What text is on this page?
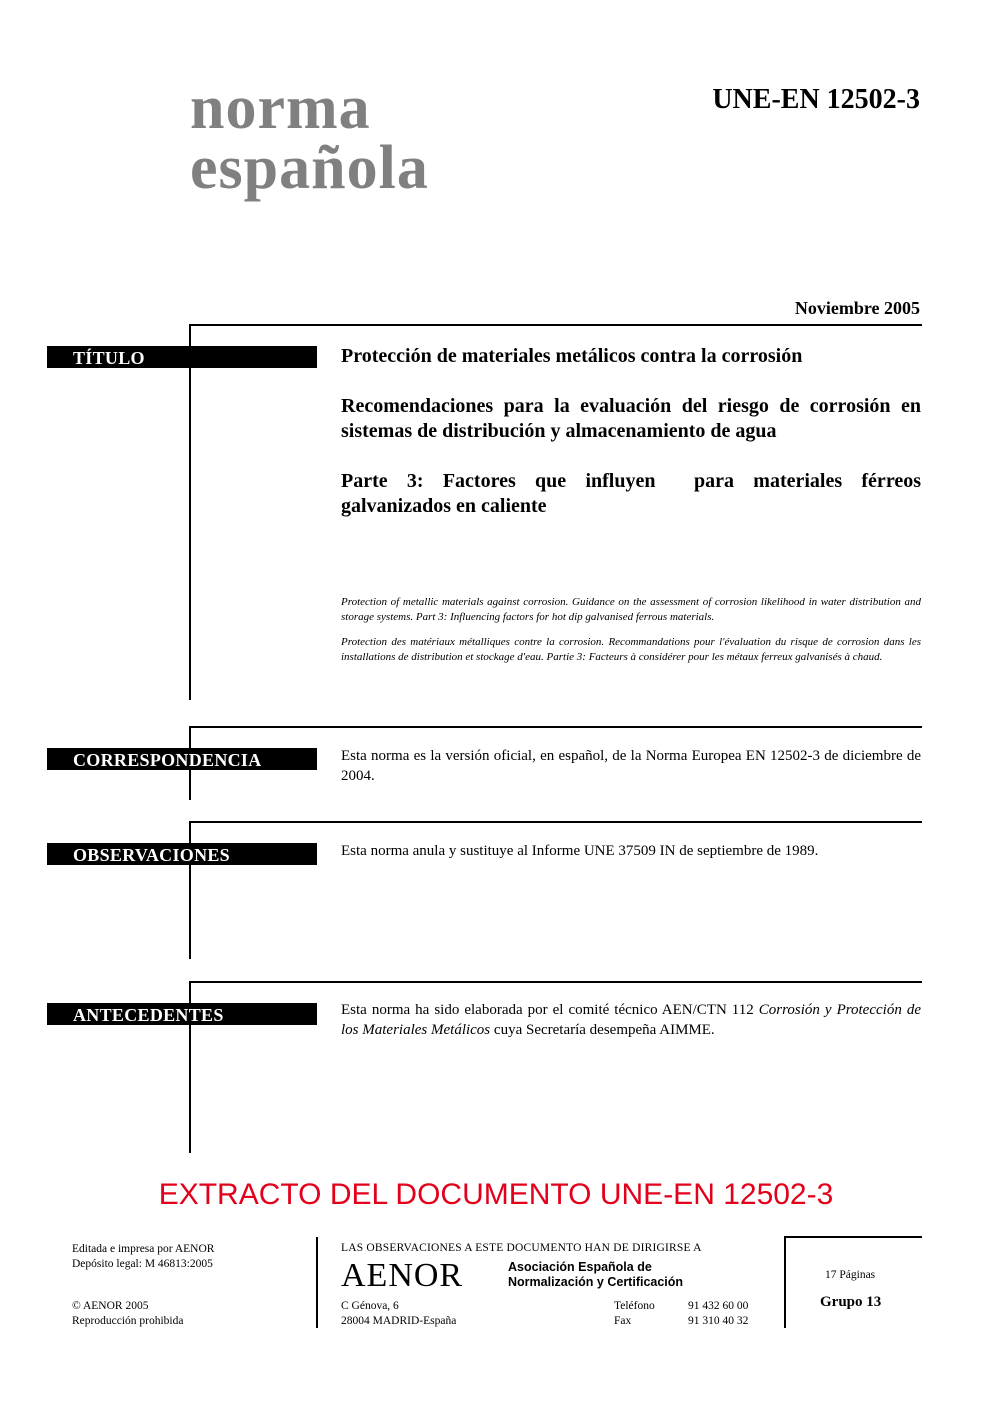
norma
española
UNE-EN 12502-3
Noviembre 2005
TÍTULO	Protección de materiales metálicos contra la corrosión

Recomendaciones para la evaluación del riesgo de corrosión en sistemas de distribución y almacenamiento de agua

Parte 3: Factores que influyen  para materiales férreos galvanizados en caliente

Protection of metallic materials against corrosion. Guidance on the assessment of corrosion likelihood in water distribution and storage systems. Part 3: Influencing factors for hot dip galvanised ferrous materials.

Protection des matériaux métalliques contre la corrosion. Recommandations pour l'évaluation du risque de corrosion dans les installations de distribution et stockage d'eau. Partie 3: Facteurs à considérer pour les métaux ferreux galvanisés à chaud.

CORRESPONDENCIA	Esta norma es la versión oficial, en español, de la Norma Europea EN 12502-3 de diciembre de 2004.
OBSERVACIONES	Esta norma anula y sustituye al Informe UNE 37509 IN de septiembre de 1989.
ANTECEDENTES	Esta norma ha sido elaborada por el comité técnico AEN/CTN 112 Corrosión y Protección de los Materiales Metálicos cuya Secretaría desempeña AIMME.
EXTRACTO DEL DOCUMENTO UNE-EN 12502-3
Editada e impresa por AENOR
Depósito legal: M 46813:2005
© AENOR 2005
Reproducción prohibida
LAS OBSERVACIONES A ESTE DOCUMENTO HAN DE DIRIGIRSE A
AENOR	Asociación Española de
Normalización y Certificación
C Génova, 6
28004 MADRID-España
Teléfono	91 432 60 00
Fax	91 310 40 32
17 Páginas
Grupo 13
